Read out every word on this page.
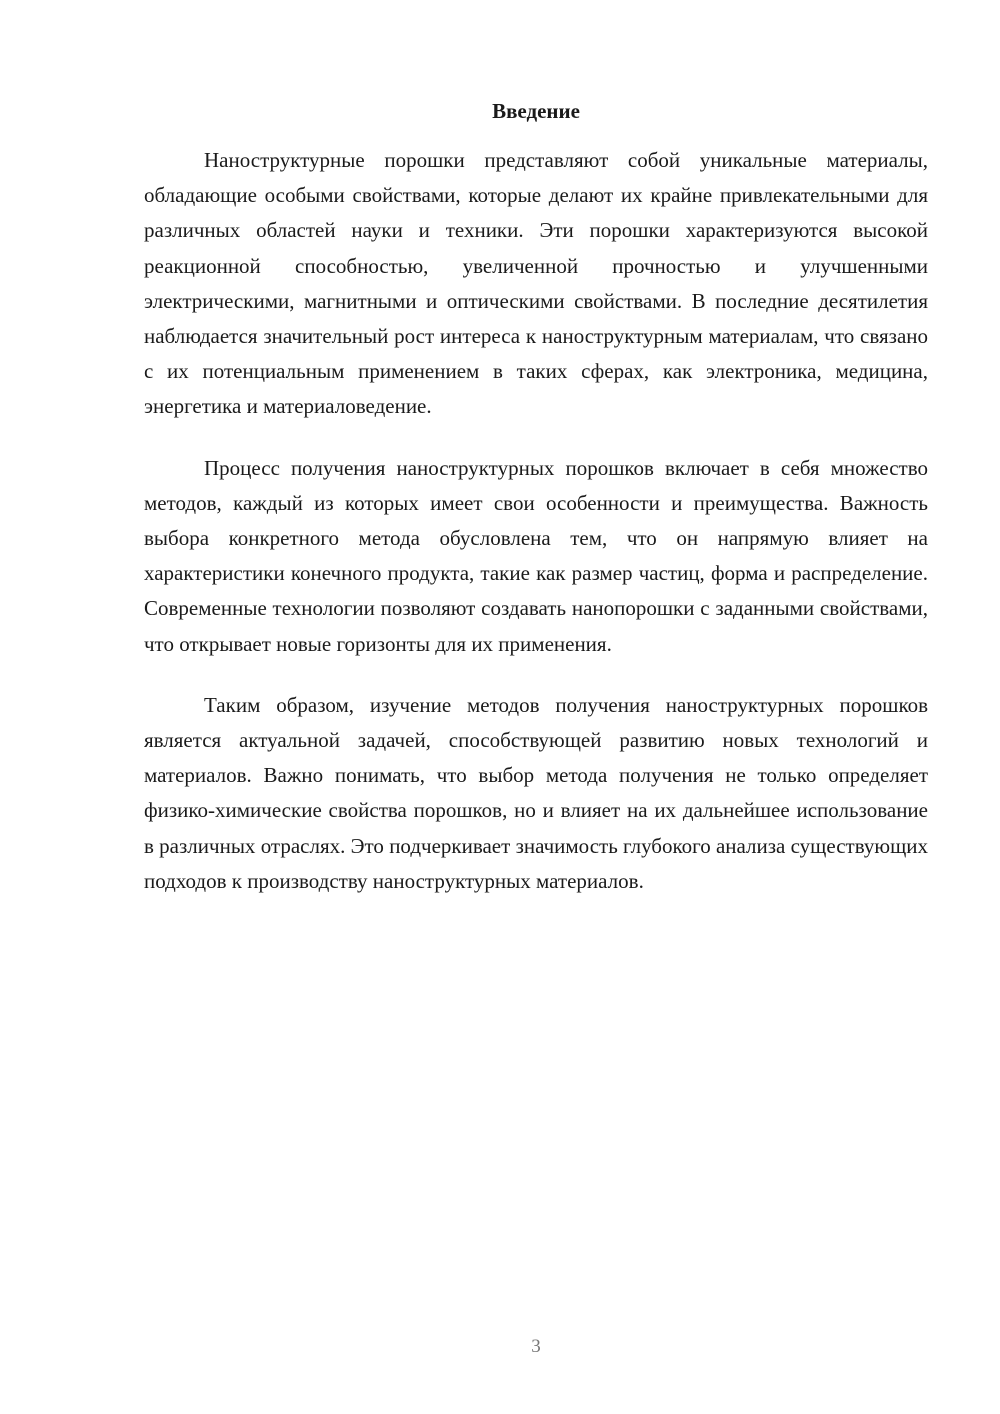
Введение

Наноструктурные порошки представляют собой уникальные материалы, обладающие особыми свойствами, которые делают их крайне привлекательными для различных областей науки и техники. Эти порошки характеризуются высокой реакционной способностью, увеличенной прочностью и улучшенными электрическими, магнитными и оптическими свойствами. В последние десятилетия наблюдается значительный рост интереса к наноструктурным материалам, что связано с их потенциальным применением в таких сферах, как электроника, медицина, энергетика и материаловедение.

Процесс получения наноструктурных порошков включает в себя множество методов, каждый из которых имеет свои особенности и преимущества. Важность выбора конкретного метода обусловлена тем, что он напрямую влияет на характеристики конечного продукта, такие как размер частиц, форма и распределение. Современные технологии позволяют создавать нанопорошки с заданными свойствами, что открывает новые горизонты для их применения.

Таким образом, изучение методов получения наноструктурных порошков является актуальной задачей, способствующей развитию новых технологий и материалов. Важно понимать, что выбор метода получения не только определяет физико-химические свойства порошков, но и влияет на их дальнейшее использование в различных отраслях. Это подчеркивает значимость глубокого анализа существующих подходов к производству наноструктурных материалов.

3
